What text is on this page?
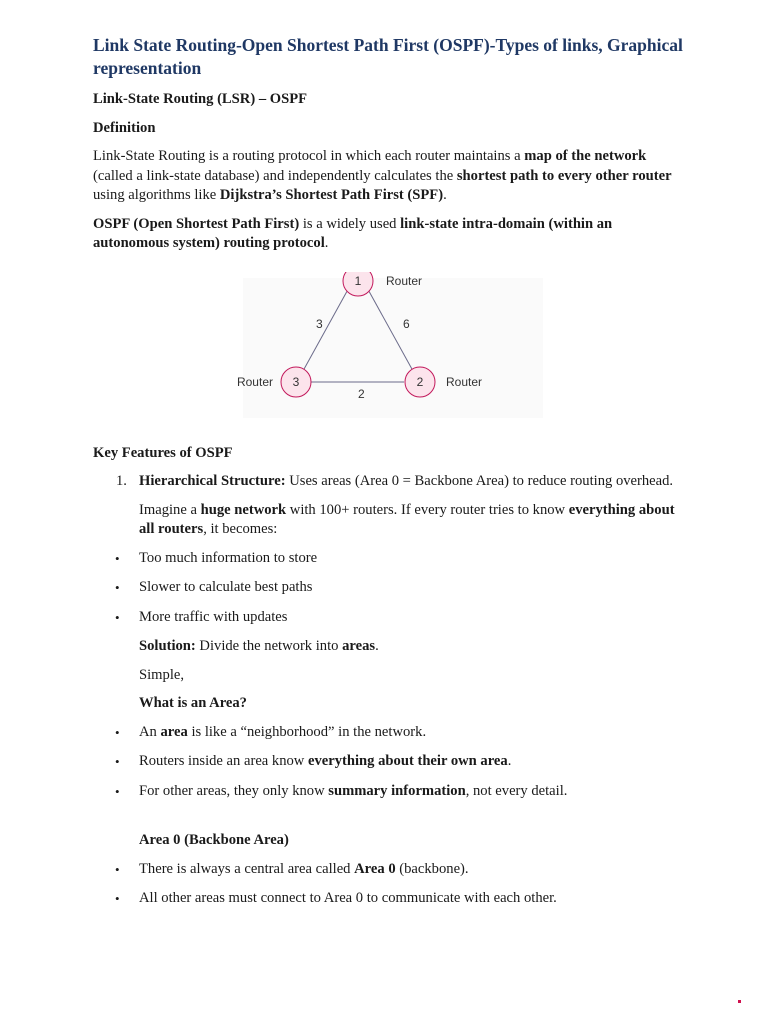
Link State Routing-Open Shortest Path First (OSPF)-Types of links, Graphical representation

Link-State Routing (LSR) – OSPF

Definition

Link-State Routing is a routing protocol in which each router maintains a map of the network (called a link-state database) and independently calculates the shortest path to every other router using algorithms like Dijkstra’s Shortest Path First (SPF).

OSPF (Open Shortest Path First) is a widely used link-state intra-domain (within an autonomous system) routing protocol.

3	6
2
1
3	2
Router
Router	Router

Key Features of OSPF

1. Hierarchical Structure: Uses areas (Area 0 = Backbone Area) to reduce routing overhead.

Imagine a huge network with 100+ routers. If every router tries to know everything about all routers, it becomes:

• Too much information to store

• Slower to calculate best paths

• More traffic with updates

Solution: Divide the network into areas.

Simple,

What is an Area?

• An area is like a “neighborhood” in the network.

• Routers inside an area know everything about their own area.

• For other areas, they only know summary information, not every detail.

Area 0 (Backbone Area)

• There is always a central area called Area 0 (backbone).

• All other areas must connect to Area 0 to communicate with each other.
